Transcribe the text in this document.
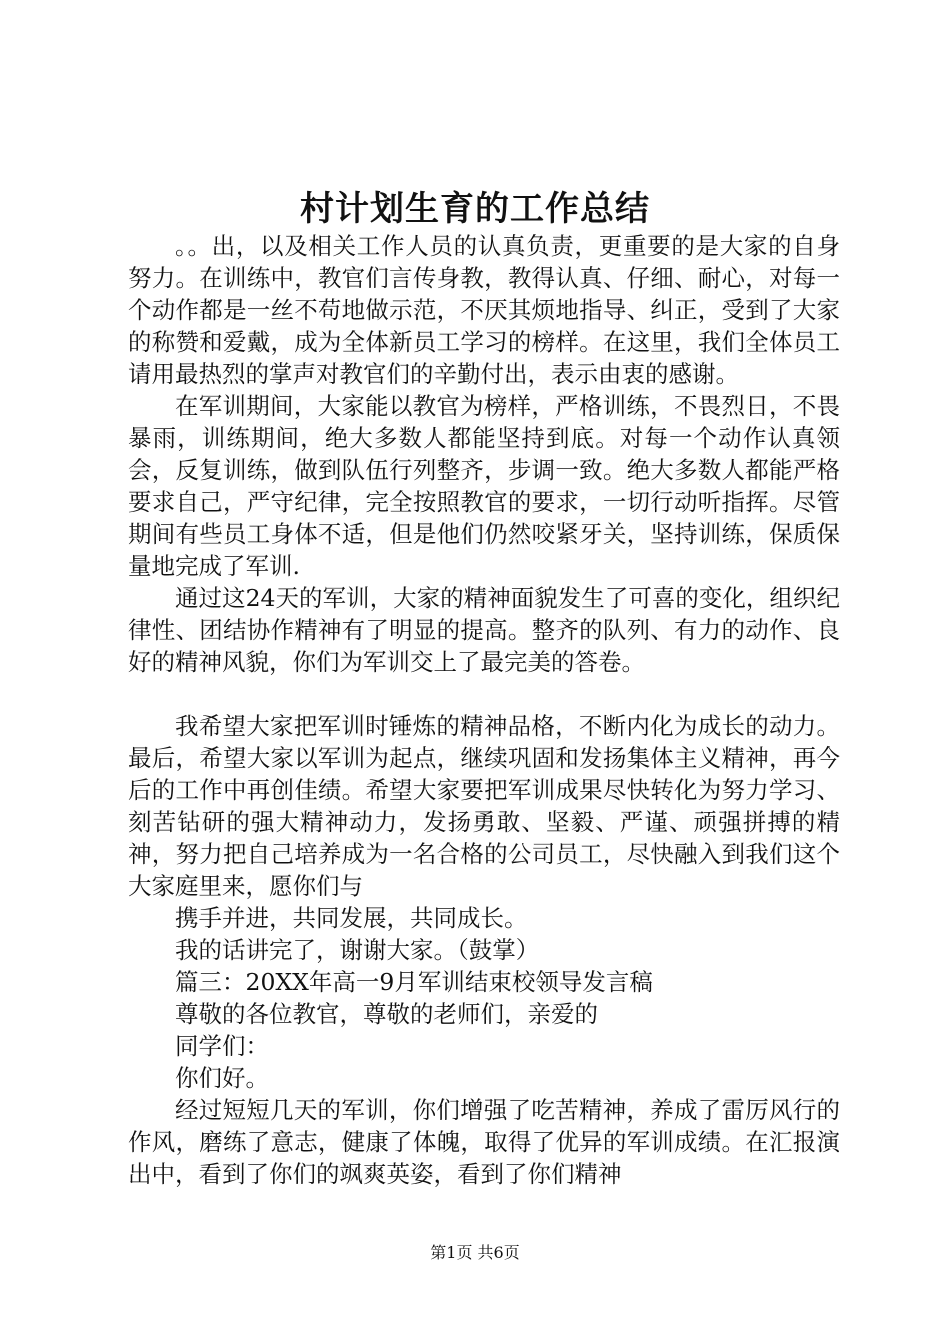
村计划生育的工作总结

。。出，以及相关工作人员的认真负责，更重要的是大家的自身努力。在训练中，教官们言传身教，教得认真、仔细、耐心，对每一个动作都是一丝不苟地做示范，不厌其烦地指导、纠正，受到了大家的称赞和爱戴，成为全体新员工学习的榜样。在这里，我们全体员工请用最热烈的掌声对教官们的辛勤付出，表示由衷的感谢。

在军训期间，大家能以教官为榜样，严格训练，不畏烈日，不畏暴雨，训练期间，绝大多数人都能坚持到底。对每一个动作认真领会，反复训练，做到队伍行列整齐，步调一致。绝大多数人都能严格要求自己，严守纪律，完全按照教官的要求，一切行动听指挥。尽管期间有些员工身体不适，但是他们仍然咬紧牙关，坚持训练，保质保量地完成了军训.

通过这24天的军训，大家的精神面貌发生了可喜的变化，组织纪律性、团结协作精神有了明显的提高。整齐的队列、有力的动作、良好的精神风貌，你们为军训交上了最完美的答卷。

我希望大家把军训时锤炼的精神品格，不断内化为成长的动力。最后，希望大家以军训为起点，继续巩固和发扬集体主义精神，再今后的工作中再创佳绩。希望大家要把军训成果尽快转化为努力学习、刻苦钻研的强大精神动力，发扬勇敢、坚毅、严谨、顽强拼搏的精神，努力把自己培养成为一名合格的公司员工，尽快融入到我们这个大家庭里来，愿你们与

携手并进，共同发展，共同成长。

我的话讲完了，谢谢大家。（鼓掌）

篇三：20XX年高一9月军训结束校领导发言稿

尊敬的各位教官，尊敬的老师们，亲爱的

同学们：

你们好。

经过短短几天的军训，你们增强了吃苦精神，养成了雷厉风行的作风，磨练了意志，健康了体魄，取得了优异的军训成绩。在汇报演出中，看到了你们的飒爽英姿，看到了你们精神

第1页 共6页
